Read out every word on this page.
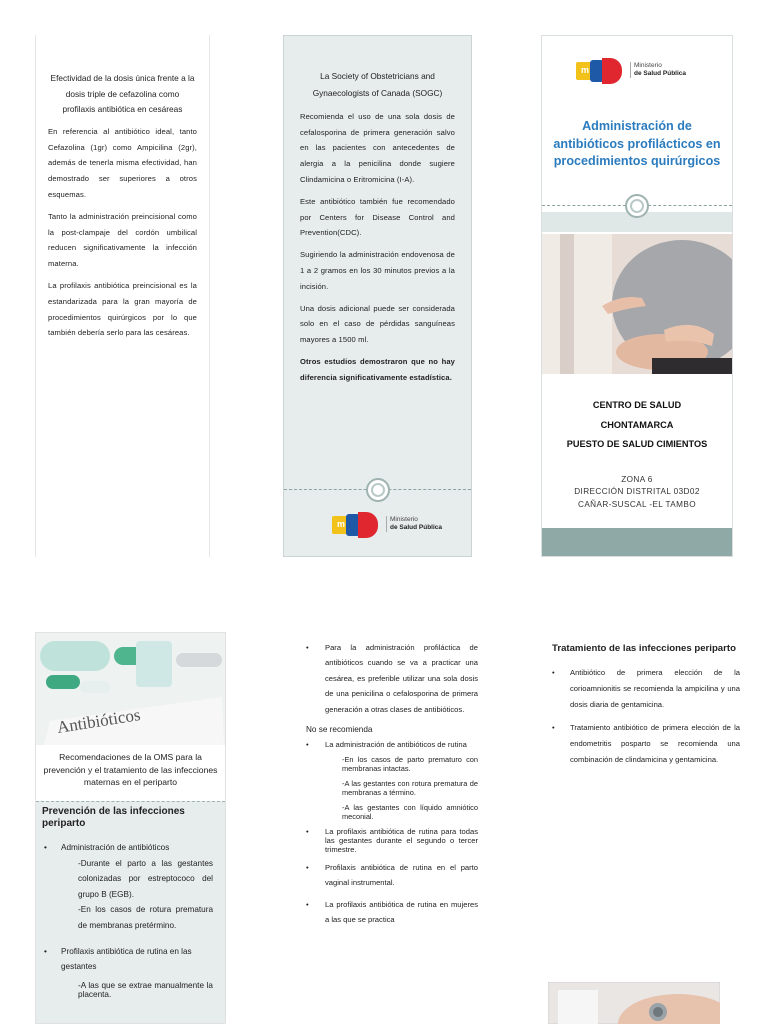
Efectividad de la dosis única frente a la dosis triple de cefazolina como profilaxis antibiótica en cesáreas

En referencia al antibiótico ideal, tanto Cefazolina (1gr) como Ampicilina (2gr), además de tenerla misma efectividad, han demostrado ser superiores a otros esquemas.

Tanto la administración preincisional como la post-clampaje del cordón umbilical reducen significativamente la infección materna.

La profilaxis antibiótica preincisional es la estandarizada para la gran mayoría de procedimientos quirúrgicos por lo que también debería serlo para las cesáreas.

La Society of Obstetricians and Gynaecologists of Canada (SOGC)

Recomienda el uso de una sola dosis de cefalosporina de primera generación salvo en las pacientes con antecedentes de alergia a la penicilina donde sugiere Clindamicina o Eritromicina (I-A).

Este antibiótico también fue recomendado por Centers for Disease Control and Prevention(CDC).

Sugiriendo la administración endovenosa de 1 a 2 gramos en los 30 minutos previos a la incisión.

Una dosis adicional puede ser considerada solo en el caso de pérdidas sanguíneas mayores a 1500 ml.

Otros estudios demostraron que no hay diferencia significativamente estadística.

m	Ministerio
de Salud Pública
m	Ministerio
de Salud Pública
Administración de antibióticos profilácticos en procedimientos quirúrgicos
CENTRO DE SALUD
CHONTAMARCA
PUESTO DE SALUD CIMIENTOS
ZONA 6
DIRECCIÓN DISTRITAL 03D02
CAÑAR-SUSCAL -EL TAMBO
Antibióticos
Recomendaciones de la OMS para la prevención y el tratamiento de las infecciones maternas en el periparto
Prevención de las infecciones periparto
• Administración de antibióticos
-Durante el parto a las gestantes colonizadas por estreptococo del grupo B (EGB).
-En los casos de rotura prematura de membranas pretérmino.
• Profilaxis antibiótica de rutina en las gestantes
-A las que se extrae manualmente la placenta.
• Para la administración profiláctica de antibióticos cuando se va a practicar una cesárea, es preferible utilizar una sola dosis de una penicilina o cefalosporina de primera generación a otras clases de antibióticos.
No se recomienda
• La administración de antibióticos de rutina
-En los casos de parto prematuro con membranas intactas.
-A las gestantes con rotura prematura de membranas a término.
-A las gestantes con líquido amniótico meconial.
• La profilaxis antibiótica de rutina para todas las gestantes durante el segundo o tercer trimestre.
• Profilaxis antibiótica de rutina en el parto vaginal instrumental.
• La profilaxis antibiótica de rutina en mujeres a las que se practica
Tratamiento de las infecciones periparto
• Antibiótico de primera elección de la corioamnionitis se recomienda la ampicilina y una dosis diaria de gentamicina.
• Tratamiento antibiótico de primera elección de la endometritis posparto se recomienda una combinación de clindamicina y gentamicina.
